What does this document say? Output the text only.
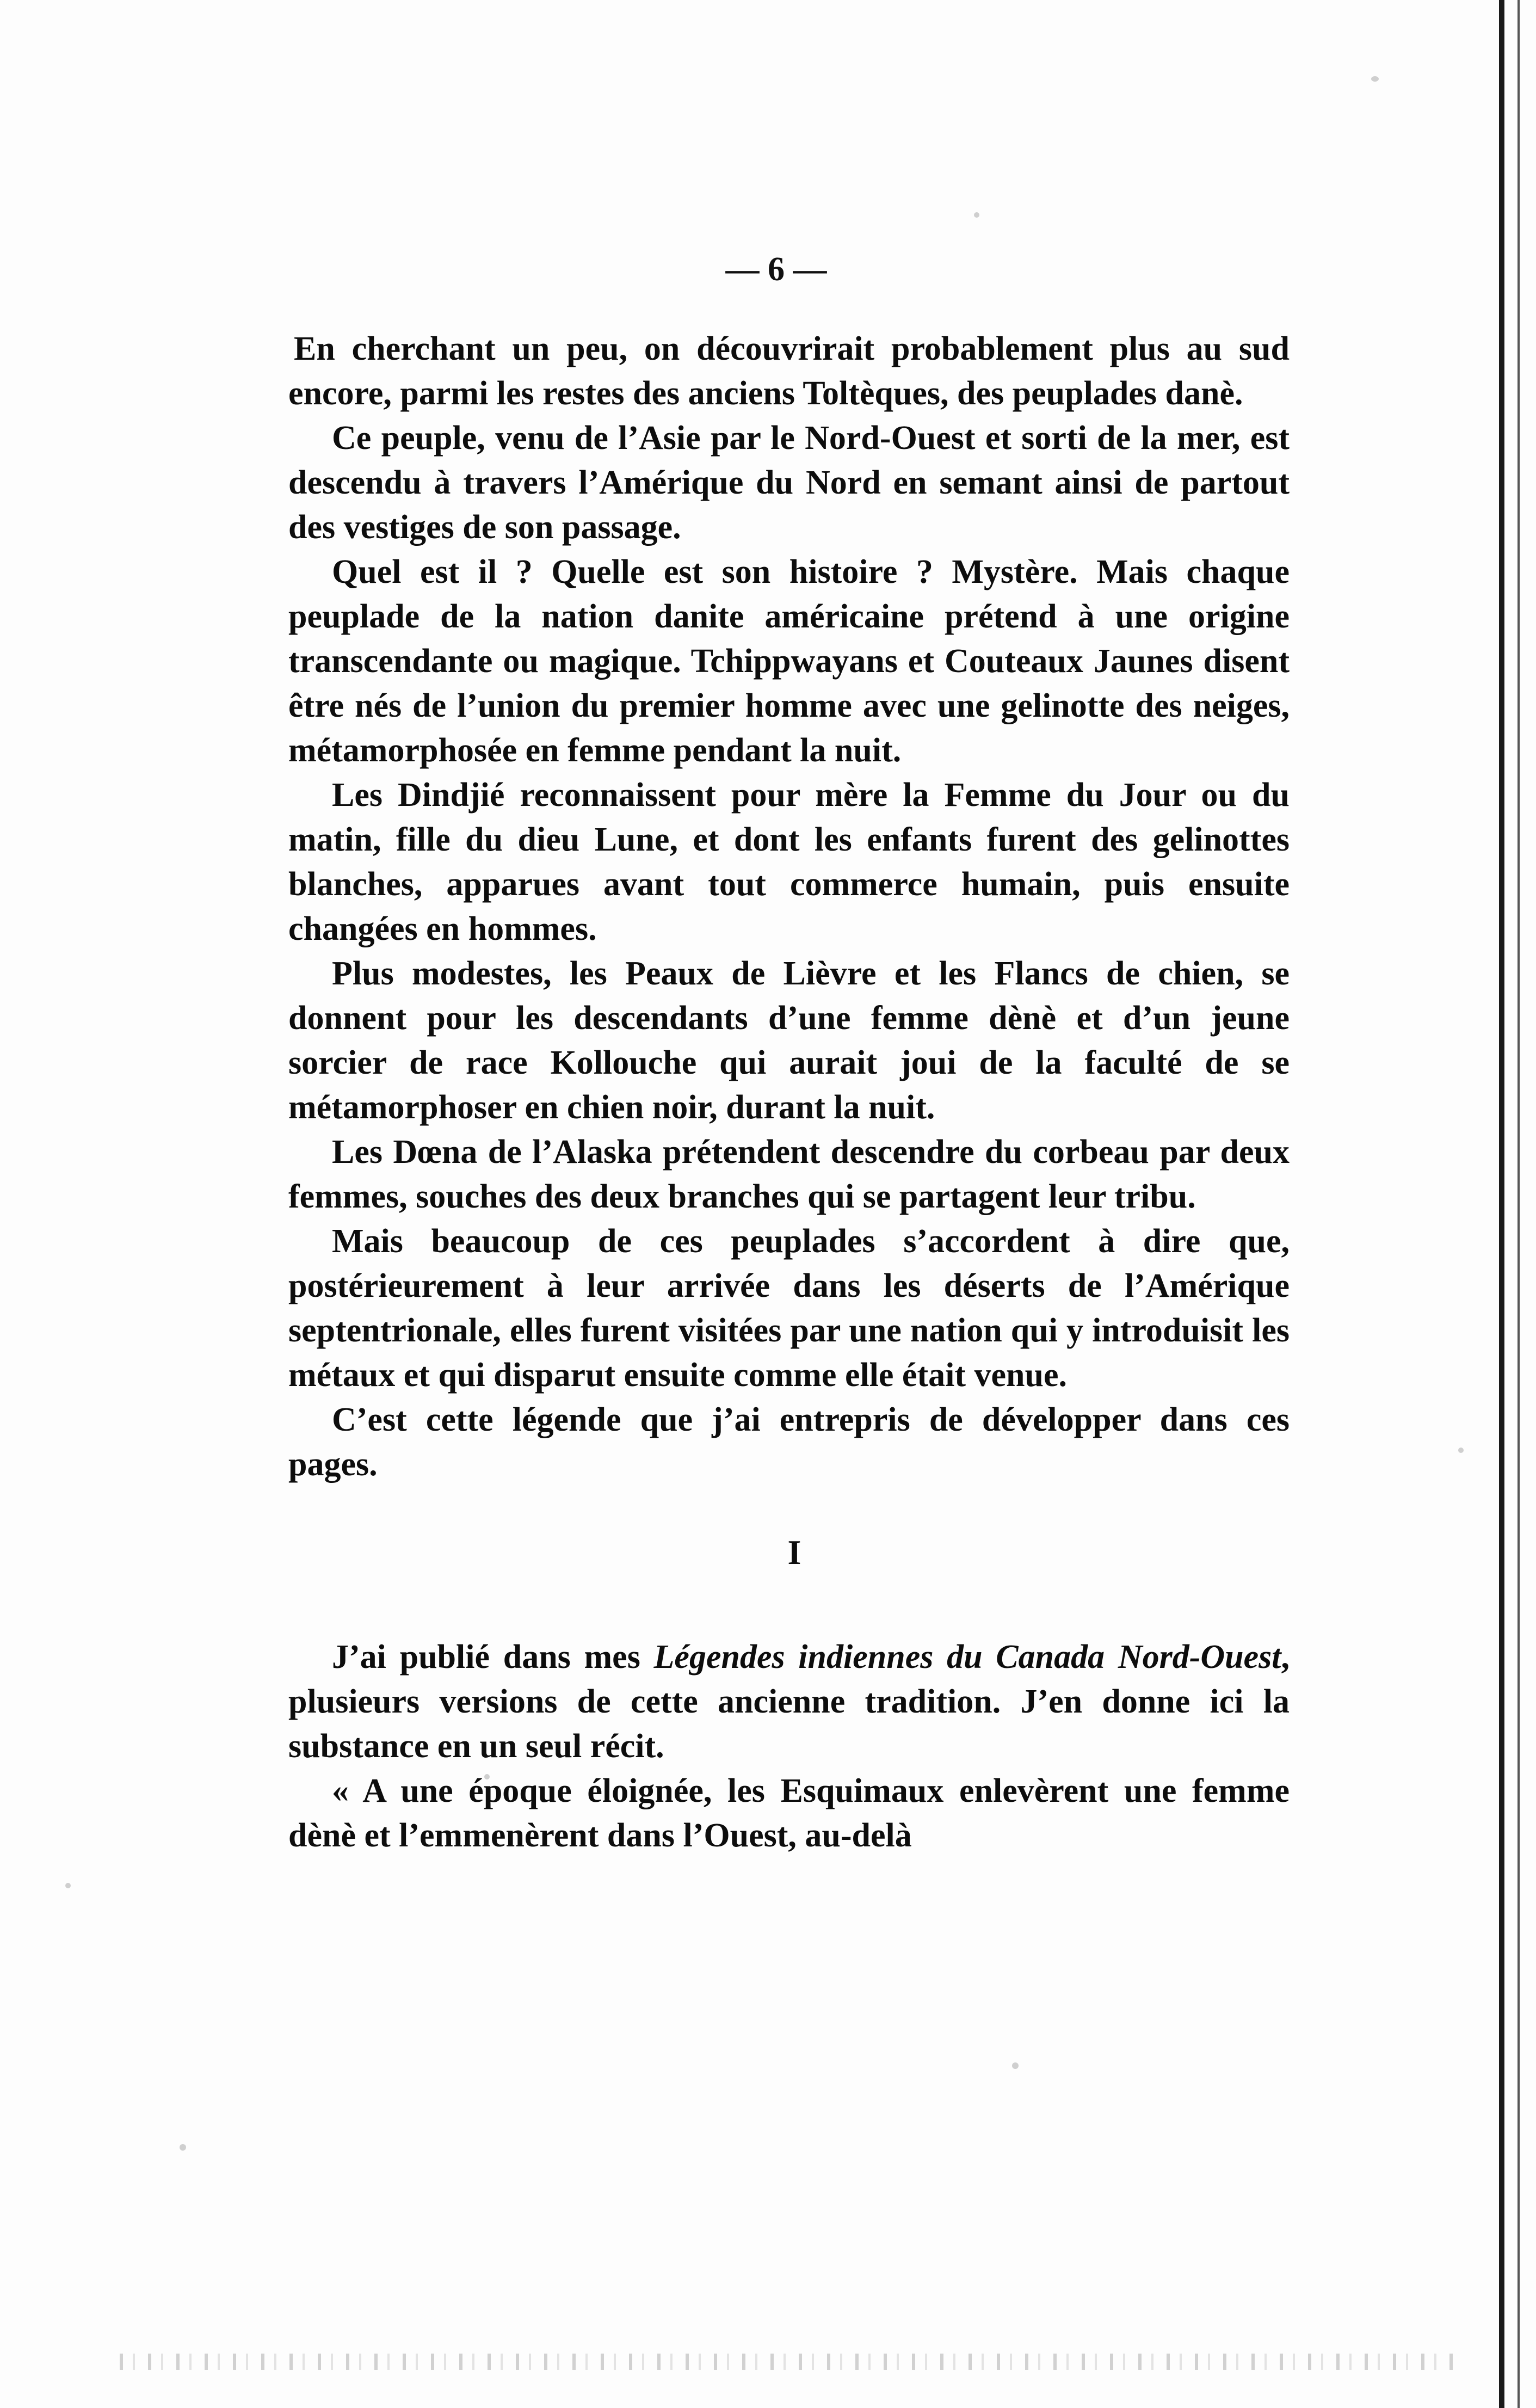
— 6 —

En cherchant un peu, on découvrirait probablement plus au sud encore, parmi les restes des anciens Toltèques, des peuplades danè.

Ce peuple, venu de l’Asie par le Nord-Ouest et sorti de la mer, est descendu à travers l’Amérique du Nord en semant ainsi de partout des vestiges de son passage.

Quel est il ? Quelle est son histoire ? Mystère. Mais chaque peuplade de la nation danite américaine prétend à une origine transcendante ou magique. Tchippwayans et Couteaux Jaunes disent être nés de l’union du premier homme avec une gelinotte des neiges, métamorphosée en femme pendant la nuit.

Les Dindjié reconnaissent pour mère la Femme du Jour ou du matin, fille du dieu Lune, et dont les enfants furent des gelinottes blanches, apparues avant tout commerce humain, puis ensuite changées en hommes.

Plus modestes, les Peaux de Lièvre et les Flancs de chien, se donnent pour les descendants d’une femme dènè et d’un jeune sorcier de race Kollouche qui aurait joui de la faculté de se métamorphoser en chien noir, durant la nuit.

Les Dœna de l’Alaska prétendent descendre du corbeau par deux femmes, souches des deux branches qui se partagent leur tribu.

Mais beaucoup de ces peuplades s’accordent à dire que, postérieurement à leur arrivée dans les déserts de l’Amérique septentrionale, elles furent visitées par une nation qui y introduisit les métaux et qui disparut ensuite comme elle était venue.

C’est cette légende que j’ai entrepris de développer dans ces pages.

I

J’ai publié dans mes Légendes indiennes du Canada Nord-Ouest, plusieurs versions de cette ancienne tradition. J’en donne ici la substance en un seul récit.

« A une époque éloignée, les Esquimaux enlevèrent une femme dènè et l’emmenèrent dans l’Ouest, au-delà
